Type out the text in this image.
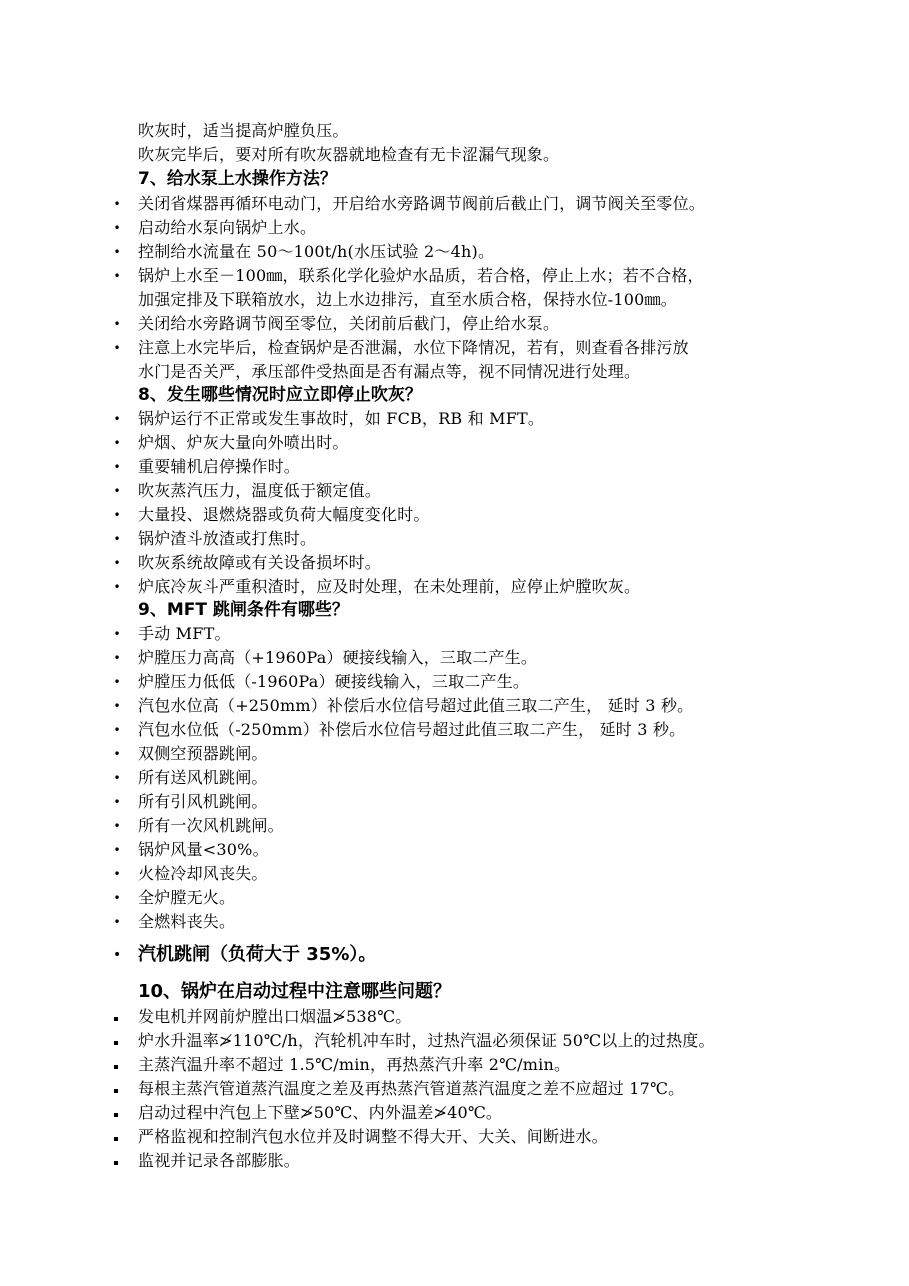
吹灰时，适当提高炉膛负压。
吹灰完毕后，要对所有吹灰器就地检查有无卡涩漏气现象。
7、给水泵上水操作方法？
• 关闭省煤器再循环电动门，开启给水旁路调节阀前后截止门，调节阀关至零位。
• 启动给水泵向锅炉上水。
• 控制给水流量在 50～100t/h(水压试验 2～4h)。
• 锅炉上水至－100㎜，联系化学化验炉水品质，若合格，停止上水；若不合格，
加强定排及下联箱放水，边上水边排污，直至水质合格，保持水位-100㎜。
• 关闭给水旁路调节阀至零位，关闭前后截门，停止给水泵。
• 注意上水完毕后，检查锅炉是否泄漏，水位下降情况，若有，则查看各排污放
水门是否关严，承压部件受热面是否有漏点等，视不同情况进行处理。
8、发生哪些情况时应立即停止吹灰？
• 锅炉运行不正常或发生事故时，如 FCB，RB 和 MFT。
• 炉烟、炉灰大量向外喷出时。
• 重要辅机启停操作时。
• 吹灰蒸汽压力，温度低于额定值。
• 大量投、退燃烧器或负荷大幅度变化时。
• 锅炉渣斗放渣或打焦时。
• 吹灰系统故障或有关设备损坏时。
• 炉底冷灰斗严重积渣时，应及时处理，在未处理前，应停止炉膛吹灰。
9、MFT 跳闸条件有哪些？
• 手动 MFT。
• 炉膛压力高高（+1960Pa）硬接线输入，三取二产生。
• 炉膛压力低低（-1960Pa）硬接线输入，三取二产生。
• 汽包水位高（+250mm）补偿后水位信号超过此值三取二产生， 延时 3 秒。
• 汽包水位低（-250mm）补偿后水位信号超过此值三取二产生， 延时 3 秒。
• 双侧空预器跳闸。
• 所有送风机跳闸。
• 所有引风机跳闸。
• 所有一次风机跳闸。
• 锅炉风量<30%。
• 火检冷却风丧失。
• 全炉膛无火。
• 全燃料丧失。
• 汽机跳闸（负荷大于 35%）。
10、锅炉在启动过程中注意哪些问题？
发电机并网前炉膛出口烟温≯538℃。
炉水升温率≯110℃/h，汽轮机冲车时，过热汽温必须保证 50℃以上的过热度。
主蒸汽温升率不超过 1.5℃/min，再热蒸汽升率 2℃/min。
每根主蒸汽管道蒸汽温度之差及再热蒸汽管道蒸汽温度之差不应超过 17℃。
启动过程中汽包上下壁≯50℃、内外温差≯40℃。
严格监视和控制汽包水位并及时调整不得大开、大关、间断进水。
监视并记录各部膨胀。
